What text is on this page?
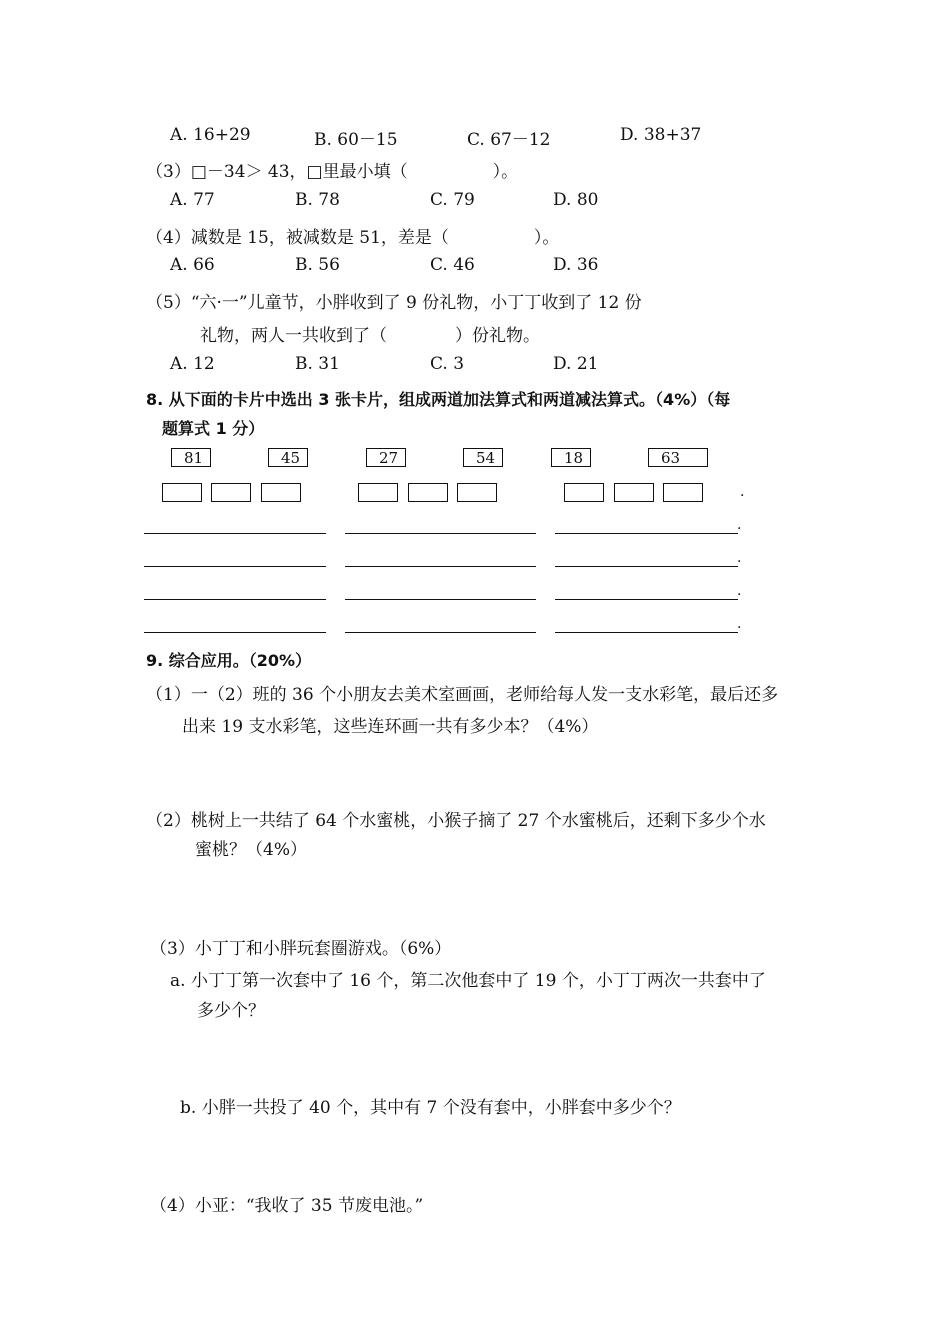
A. 16+29	B. 60－15	C. 67－12	D. 38+37
（3）□－34＞ 43，□里最小填（　　　　　）。
A. 77	B. 78	C. 79	D. 80
（4）减数是 15，被减数是 51，差是（　　　　　）。
A. 66	B. 56	C. 46	D. 36
（5）“六·一”儿童节，小胖收到了 9 份礼物，小丁丁收到了 12 份
礼物，两人一共收到了（　　　　）份礼物。
A. 12	B. 31	C. 3	D. 21
8. 从下面的卡片中选出 3 张卡片，组成两道加法算式和两道减法算式。（4%）（每
题算式 1 分）
81	45	27	54	18	63
.
.
.
.
.
9. 综合应用。（20%）
（1）一（2）班的 36 个小朋友去美术室画画，老师给每人发一支水彩笔，最后还多
出来 19 支水彩笔，这些连环画一共有多少本？（4%）
（2）桃树上一共结了 64 个水蜜桃，小猴子摘了 27 个水蜜桃后，还剩下多少个水
蜜桃？（4%）
（3）小丁丁和小胖玩套圈游戏。（6%）
a. 小丁丁第一次套中了 16 个，第二次他套中了 19 个，小丁丁两次一共套中了
多少个？
b. 小胖一共投了 40 个，其中有 7 个没有套中，小胖套中多少个？
（4）小亚：“我收了 35 节废电池。”
